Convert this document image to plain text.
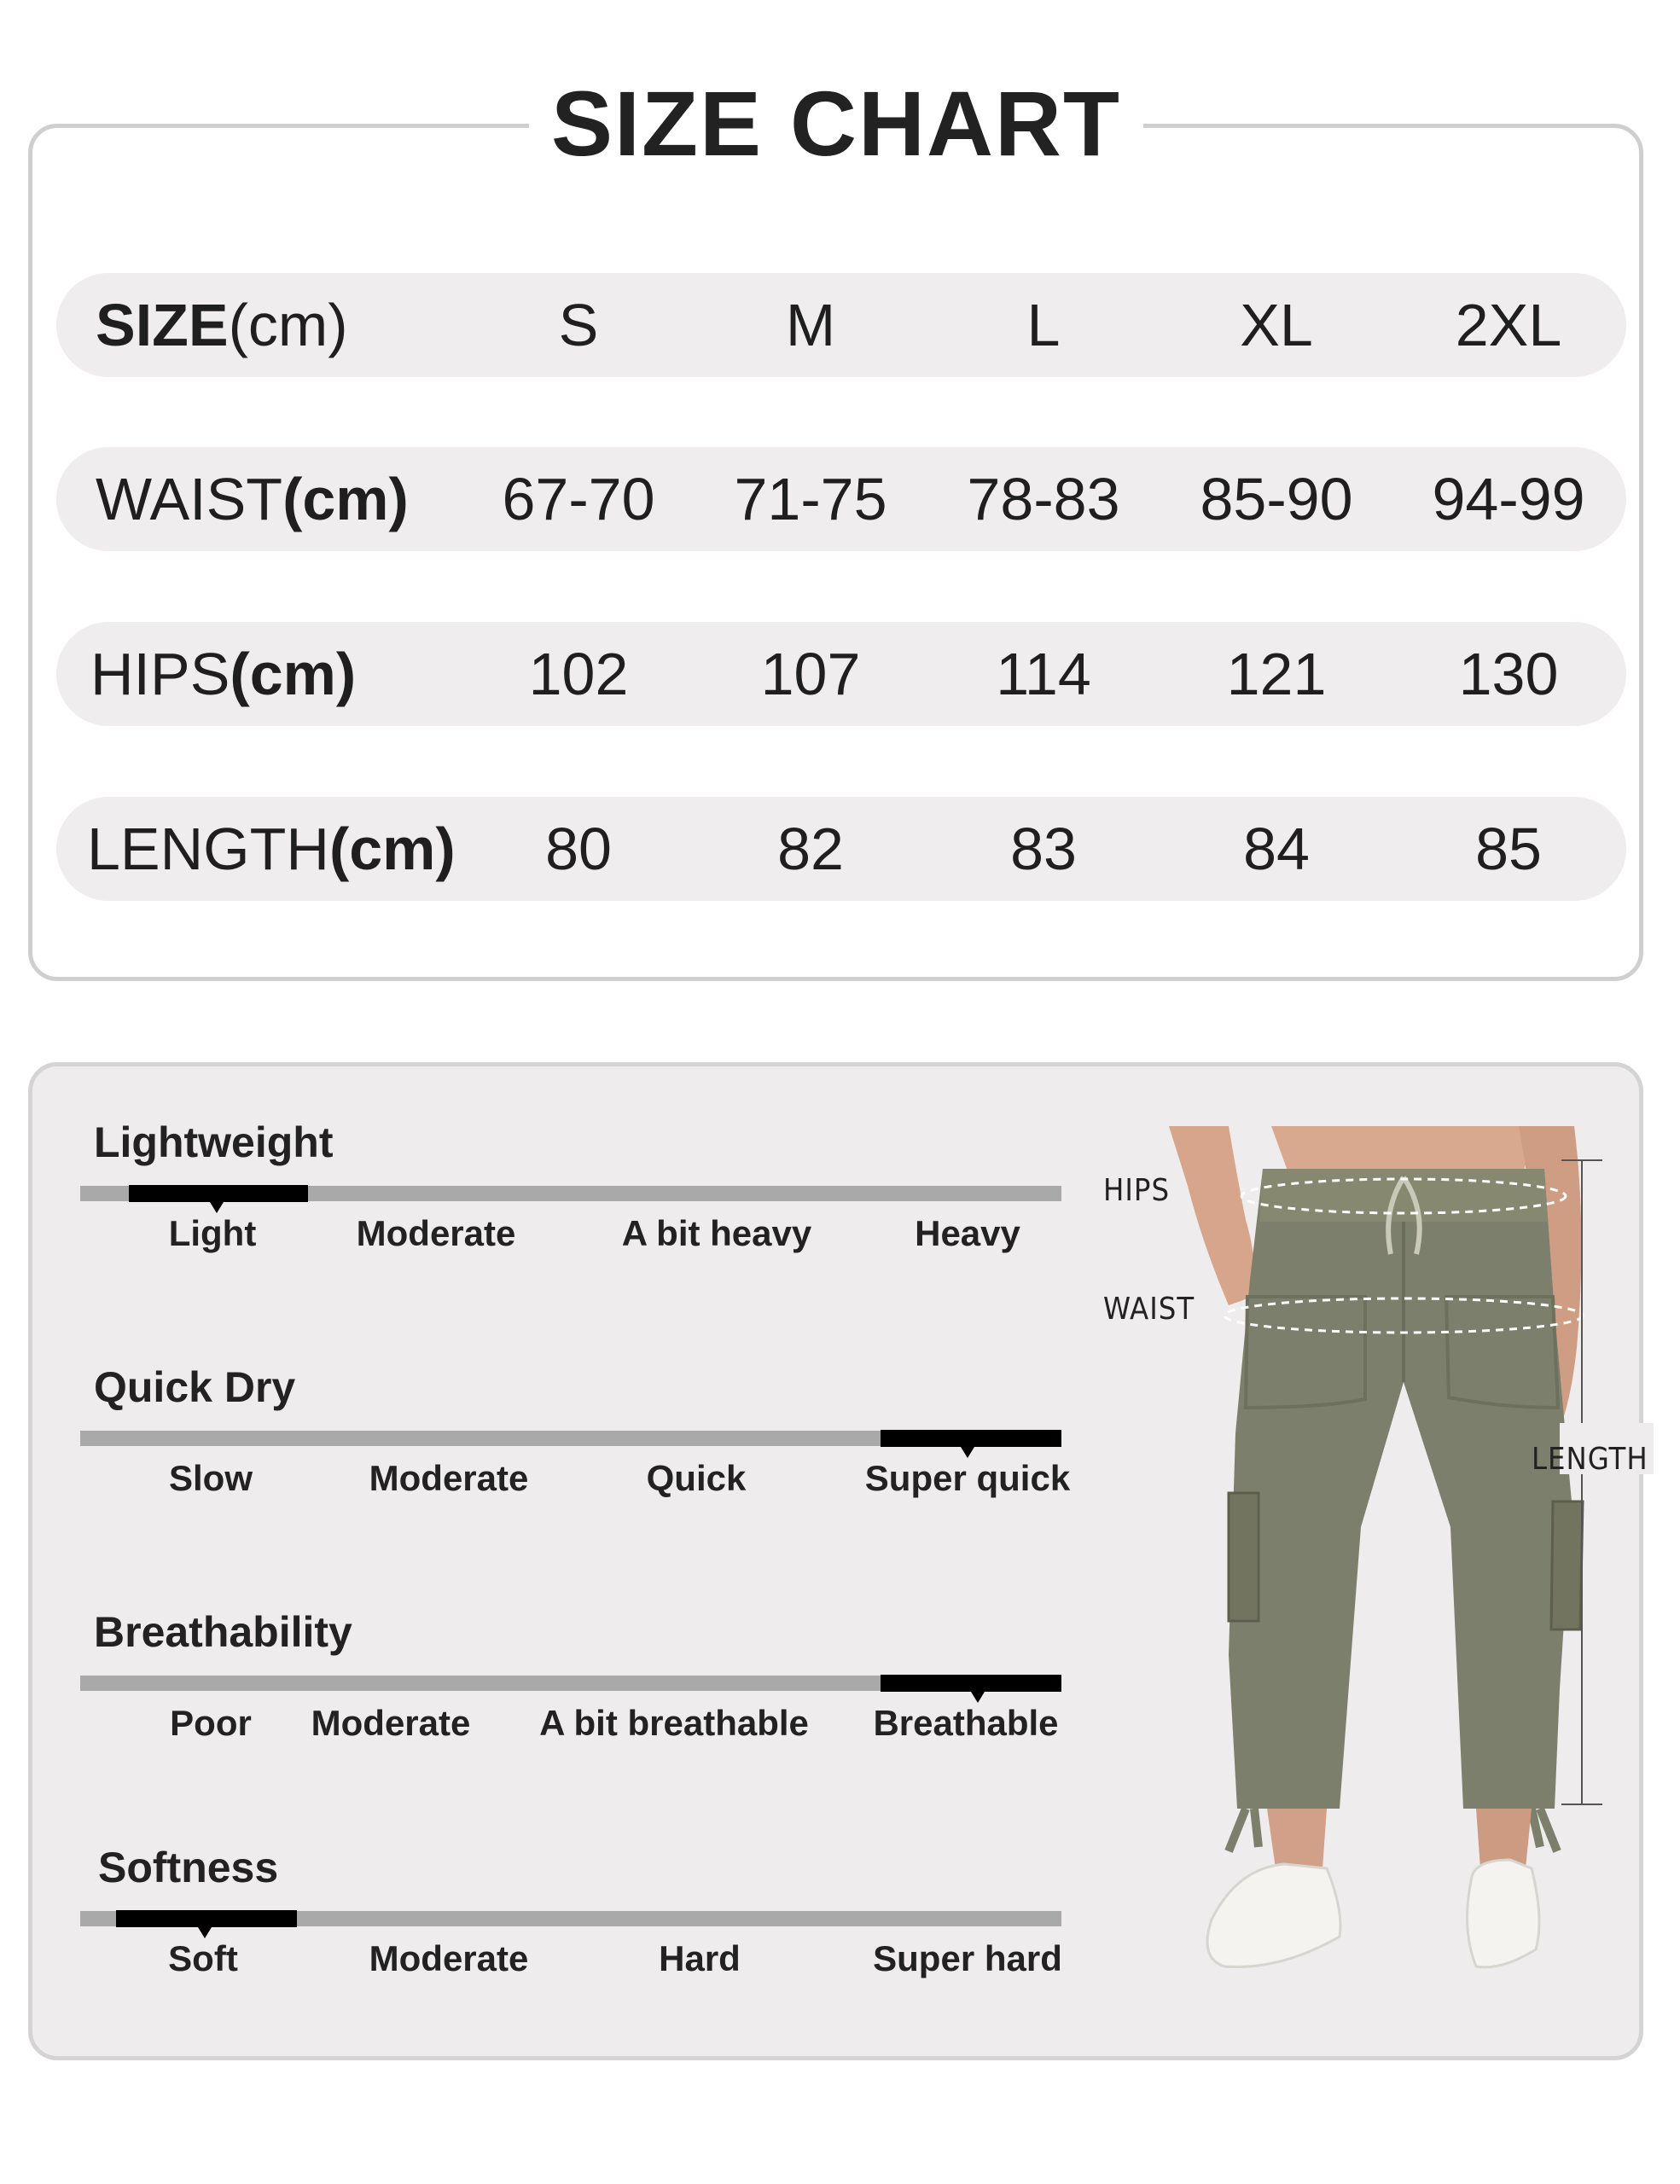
SIZE CHART
SIZE(cm)	S	M	L	XL	2XL
WAIST(cm)	67-70	71-75	78-83	85-90	94-99
HIPS(cm)	102	107	114	121	130
LENGTH(cm)	80	82	83	84	85
Lightweight
Light	Moderate	A bit heavy	Heavy
Quick Dry
Slow	Moderate	Quick	Super quick
Breathability
Poor	Moderate	A bit breathable	Breathable
Softness
Soft	Moderate	Hard	Super hard
HIPS
WAIST
LENGTH
